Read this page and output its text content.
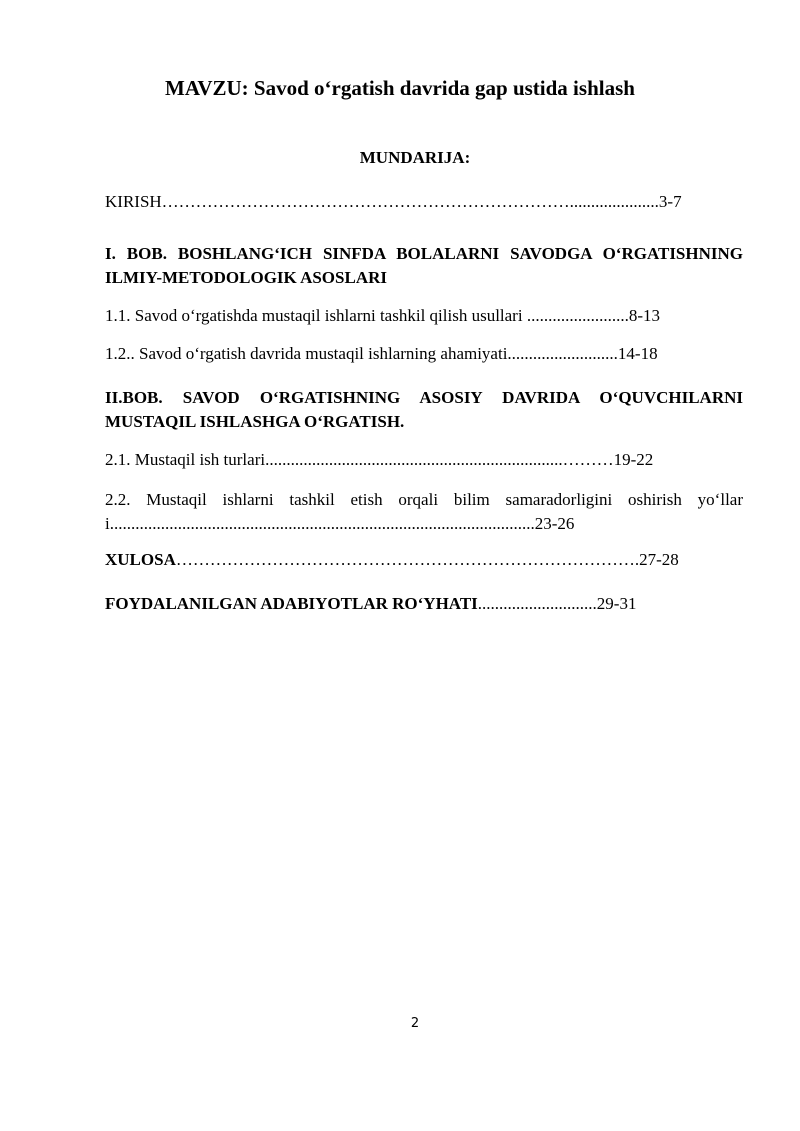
MAVZU: Savod o‘rgatish davrida gap ustida ishlash
MUNDARIJA:
KIRISH……………………………………………………………….....................3-7
I. BOB. BOSHLANG‘ICH SINFDA BOLALARNI SAVODGA O‘RGATISHNING ILMIY-METODOLOGIK ASOSLARI
1.1. Savod o‘rgatishda mustaqil ishlarni tashkil qilish usullari ........................8-13
1.2.. Savod o‘rgatish davrida mustaqil ishlarning ahamiyati..........................14-18
II.BOB. SAVOD O‘RGATISHNING ASOSIY DAVRIDA O‘QUVCHILARNI MUSTAQIL ISHLASHGA O‘RGATISH.
2.1. Mustaqil ish turlari......................................................................………19-22
2.2. Mustaqil ishlarni tashkil etish orqali bilim samaradorligini oshirish yo‘llari....................................................................................................23-26
XULOSA……………………………………………………………………….27-28
FOYDALANILGAN ADABIYOTLAR RO‘YHATI............................29-31
2
